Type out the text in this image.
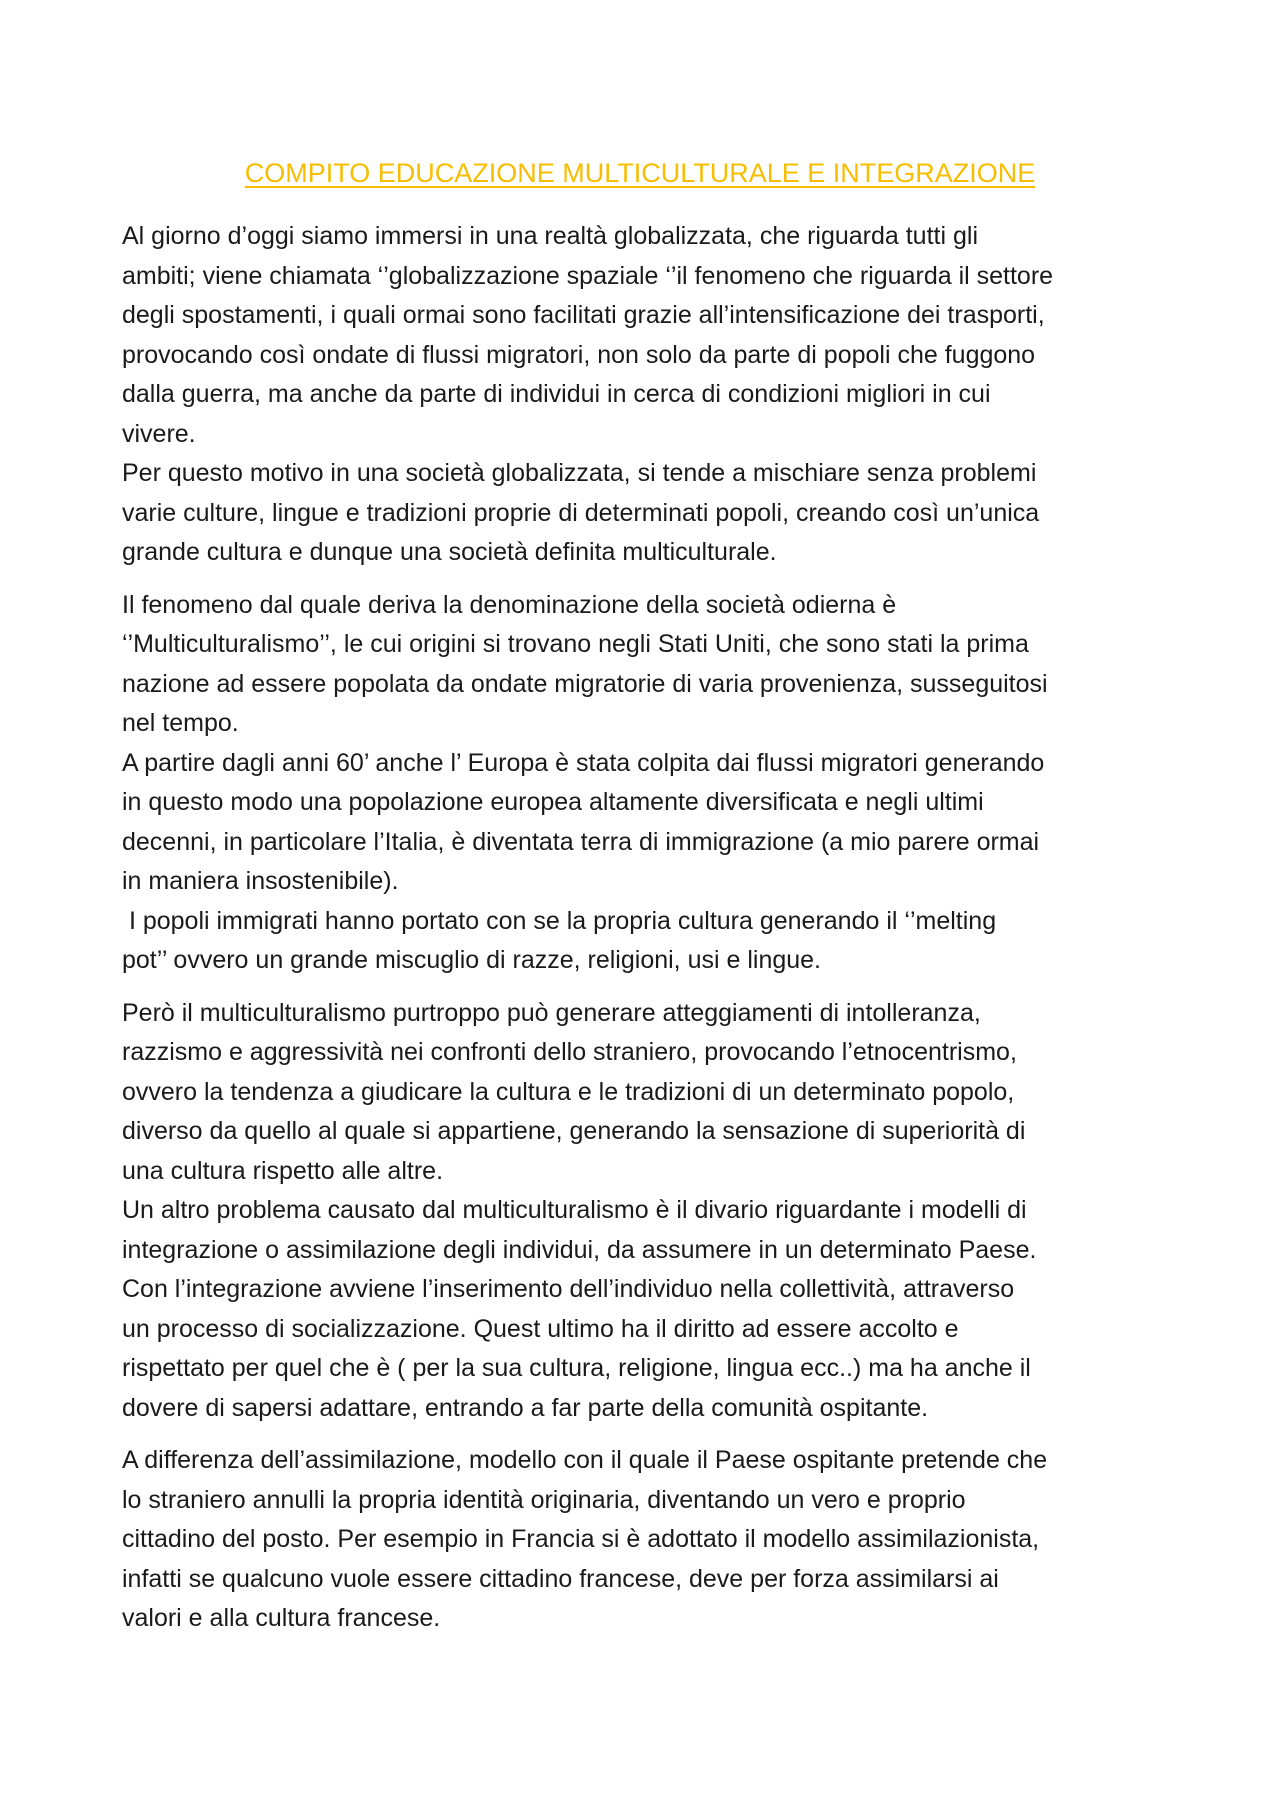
COMPITO EDUCAZIONE MULTICULTURALE E INTEGRAZIONE
Al giorno d’oggi siamo immersi in una realtà globalizzata, che riguarda tutti gli
ambiti; viene chiamata ‘’globalizzazione spaziale ‘’il fenomeno che riguarda il settore
degli spostamenti, i quali ormai sono facilitati grazie all’intensificazione dei trasporti,
provocando così ondate di flussi migratori, non solo da parte di popoli che fuggono
dalla guerra, ma anche da parte di individui in cerca di condizioni migliori in cui
vivere.
Per questo motivo in una società globalizzata, si tende a mischiare senza problemi
varie culture, lingue e tradizioni proprie di determinati popoli, creando così un’unica
grande cultura e dunque una società definita multiculturale.
Il fenomeno dal quale deriva la denominazione della società odierna è
‘’Multiculturalismo’’, le cui origini si trovano negli Stati Uniti, che sono stati la prima
nazione ad essere popolata da ondate migratorie di varia provenienza, susseguitosi
nel tempo.
A partire dagli anni 60’ anche l’ Europa è stata colpita dai flussi migratori generando
in questo modo una popolazione europea altamente diversificata e negli ultimi
decenni, in particolare l’Italia, è diventata terra di immigrazione (a mio parere ormai
in maniera insostenibile).
I popoli immigrati hanno portato con se la propria cultura generando il ‘’melting
pot’’ ovvero un grande miscuglio di razze, religioni, usi e lingue.
Però il multiculturalismo purtroppo può generare atteggiamenti di intolleranza,
razzismo e aggressività nei confronti dello straniero, provocando l’etnocentrismo,
ovvero la tendenza a giudicare la cultura e le tradizioni di un determinato popolo,
diverso da quello al quale si appartiene, generando la sensazione di superiorità di
una cultura rispetto alle altre.
Un altro problema causato dal multiculturalismo è il divario riguardante i modelli di
integrazione o assimilazione degli individui, da assumere in un determinato Paese.
Con l’integrazione avviene l’inserimento dell’individuo nella collettività, attraverso
un processo di socializzazione. Quest ultimo ha il diritto ad essere accolto e
rispettato per quel che è ( per la sua cultura, religione, lingua ecc..) ma ha anche il
dovere di sapersi adattare, entrando a far parte della comunità ospitante.
A differenza dell’assimilazione, modello con il quale il Paese ospitante pretende che
lo straniero annulli la propria identità originaria, diventando un vero e proprio
cittadino del posto. Per esempio in Francia si è adottato il modello assimilazionista,
infatti se qualcuno vuole essere cittadino francese, deve per forza assimilarsi ai
valori e alla cultura francese.
